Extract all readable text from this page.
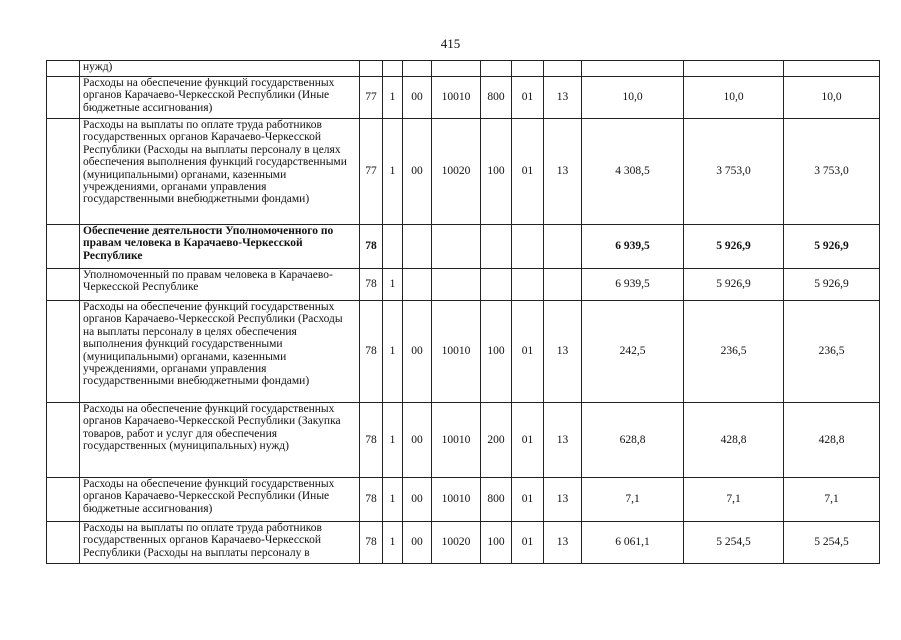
415
	нужд)										
	Расходы на обеспечение функций государственных органов Карачаево-Черкесской Республики (Иные бюджетные ассигнования)	77	1	00	10010	800	01	13	10,0	10,0	10,0
	Расходы на выплаты по оплате труда работников государственных органов Карачаево-Черкесской Республики (Расходы на выплаты персоналу в целях обеспечения выполнения функций государственными (муниципальными) органами, казенными учреждениями, органами управления государственными внебюджетными фондами)	77	1	00	10020	100	01	13	4 308,5	3 753,0	3 753,0
	Обеспечение деятельности Уполномоченного по правам человека в Карачаево-Черкесской Республике	78							6 939,5	5 926,9	5 926,9
	Уполномоченный по правам человека в Карачаево-Черкесской Республике	78	1						6 939,5	5 926,9	5 926,9
	Расходы на обеспечение функций государственных органов Карачаево-Черкесской Республики (Расходы на выплаты персоналу в целях обеспечения выполнения функций государственными (муниципальными) органами, казенными учреждениями, органами управления государственными внебюджетными фондами)	78	1	00	10010	100	01	13	242,5	236,5	236,5
	Расходы на обеспечение функций государственных органов Карачаево-Черкесской Республики (Закупка товаров, работ и услуг для обеспечения государственных (муниципальных) нужд)	78	1	00	10010	200	01	13	628,8	428,8	428,8
	Расходы на обеспечение функций государственных органов Карачаево-Черкесской Республики (Иные бюджетные ассигнования)	78	1	00	10010	800	01	13	7,1	7,1	7,1
	Расходы на выплаты по оплате труда работников государственных органов Карачаево-Черкесской Республики (Расходы на выплаты персоналу в	78	1	00	10020	100	01	13	6 061,1	5 254,5	5 254,5
